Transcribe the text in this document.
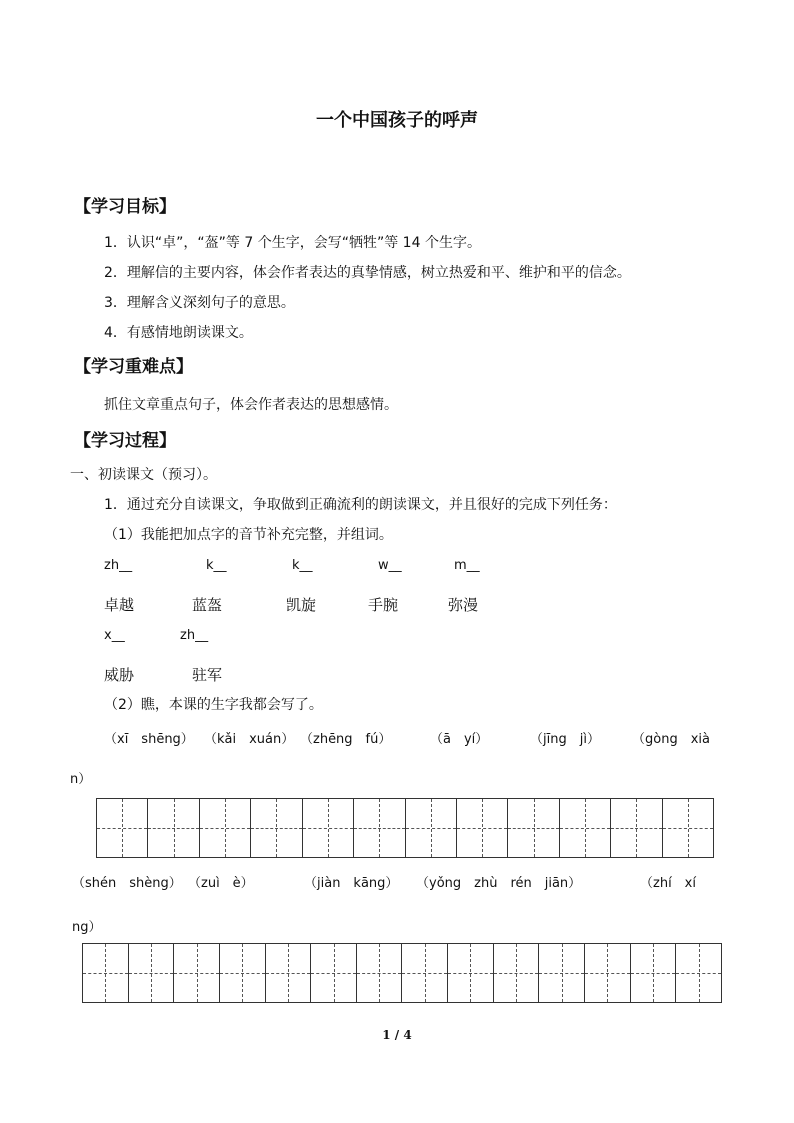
一个中国孩子的呼声
【学习目标】
1．认识“卓”，“盔”等 7 个生字，会写“牺牲”等 14 个生字。
2．理解信的主要内容，体会作者表达的真挚情感，树立热爱和平、维护和平的信念。
3．理解含义深刻句子的意思。
4．有感情地朗读课文。
【学习重难点】
抓住文章重点句子，体会作者表达的思想感情。
【学习过程】
一、初读课文（预习）。
1．通过充分自读课文，争取做到正确流利的朗读课文，并且很好的完成下列任务：
（1）我能把加点字的音节补充完整，并组词。
zh__	k__	k__	w__	m__
卓越	蓝盔	凯旋	手腕	弥漫
x__	zh__
威胁	驻军
（2）瞧，本课的生字我都会写了。
（xī　shēng） （kǎi　xuán） （zhēng　fú）	（ā　yí）	（jīng　jì） （gòng　xià
n）
（shén　shèng） （zuì　è）	（jiàn　kāng） （yǒng　zhù　rén　jiān）	（zhí　xí
ng）
1 / 4
